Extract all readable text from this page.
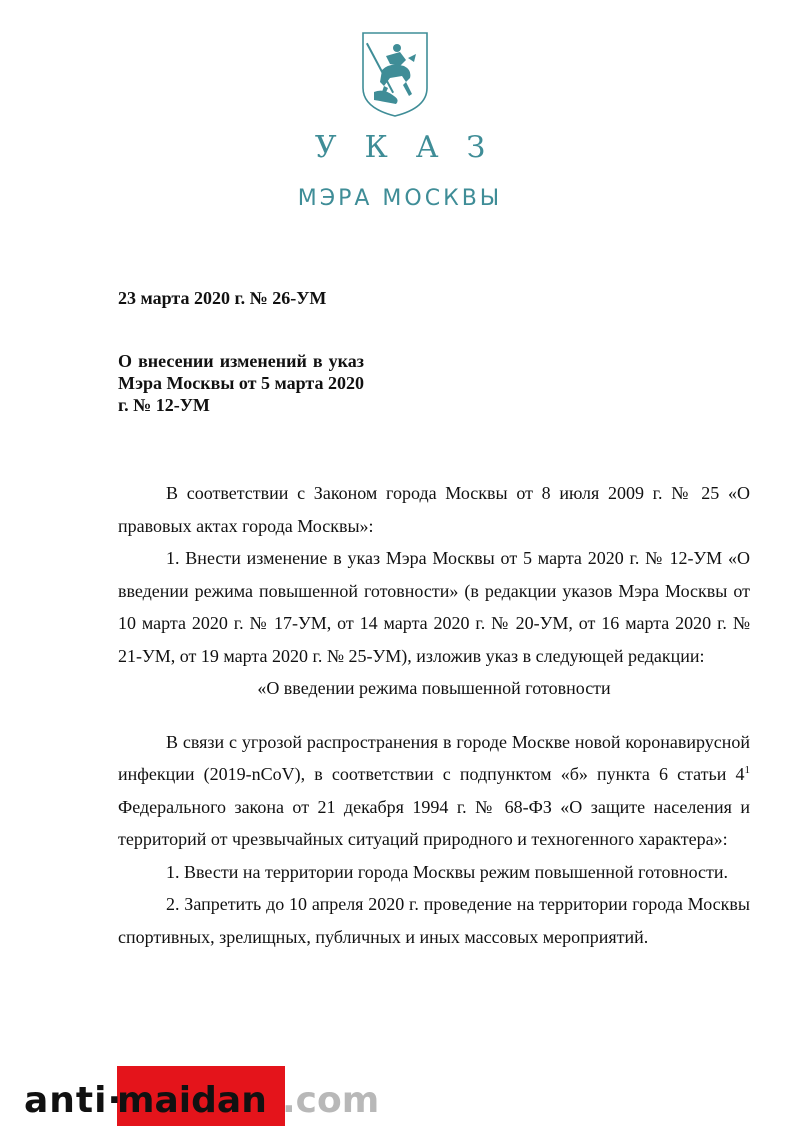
УКАЗ
МЭРА МОСКВЫ
23 марта 2020 г. № 26-УМ
О внесении изменений в указ Мэра Москвы от 5 марта 2020 г. № 12-УМ

В соответствии с Законом города Москвы от 8 июля 2009 г. № 25 «О правовых актах города Москвы»:

1. Внести изменение в указ Мэра Москвы от 5 марта 2020 г. № 12-УМ «О введении режима повышенной готовности» (в редакции указов Мэра Москвы от 10 марта 2020 г. № 17-УМ, от 14 марта 2020 г. № 20-УМ, от 16 марта 2020 г. № 21-УМ, от 19 марта 2020 г. № 25-УМ), изложив указ в следующей редакции:

«О введении режима повышенной готовности

В связи с угрозой распространения в городе Москве новой коронавирусной инфекции (2019-nCoV), в соответствии с подпунктом «б» пункта 6 статьи $4^1$ Федерального закона от 21 декабря 1994 г. № 68-ФЗ «О защите населения и территорий от чрезвычайных ситуаций природного и техногенного характера»:

1. Ввести на территории города Москвы режим повышенной готовности.

2. Запретить до 10 апреля 2020 г. проведение на территории города Москвы спортивных, зрелищных, публичных и иных массовых мероприятий.

anti·
maidan .com
